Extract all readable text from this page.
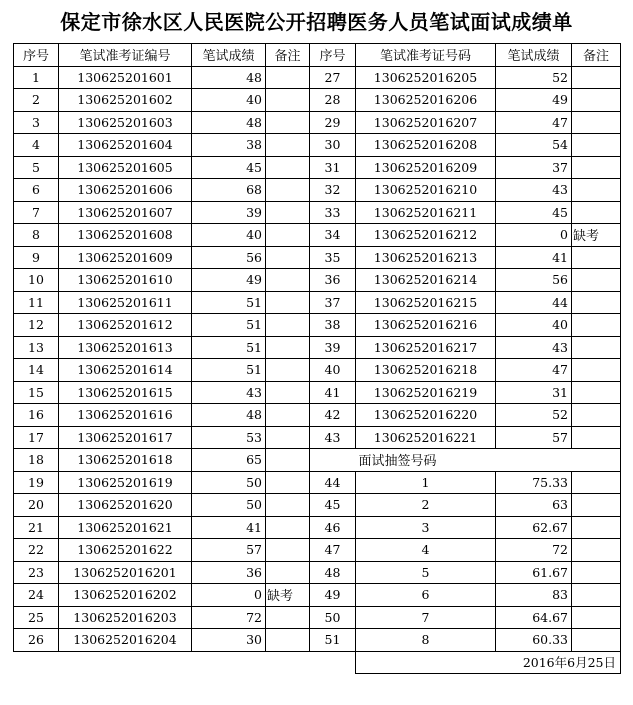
保定市徐水区人民医院公开招聘医务人员笔试面试成绩单
序号	笔试准考证编号	笔试成绩	备注	序号	笔试准考证号码	笔试成绩	备注
1	130625201601	48		27	1306252016205	52	
2	130625201602	40		28	1306252016206	49	
3	130625201603	48		29	1306252016207	47	
4	130625201604	38		30	1306252016208	54	
5	130625201605	45		31	1306252016209	37	
6	130625201606	68		32	1306252016210	43	
7	130625201607	39		33	1306252016211	45	
8	130625201608	40		34	1306252016212	0	缺考
9	130625201609	56		35	1306252016213	41	
10	130625201610	49		36	1306252016214	56	
11	130625201611	51		37	1306252016215	44	
12	130625201612	51		38	1306252016216	40	
13	130625201613	51		39	1306252016217	43	
14	130625201614	51		40	1306252016218	47	
15	130625201615	43		41	1306252016219	31	
16	130625201616	48		42	1306252016220	52	
17	130625201617	53		43	1306252016221	57	
18	130625201618	65			面试抽签号码		
19	130625201619	50		44	1	75.33	
20	130625201620	50		45	2	63	
21	130625201621	41		46	3	62.67	
22	130625201622	57		47	4	72	
23	1306252016201	36		48	5	61.67	
24	1306252016202	0	缺考	49	6	83	
25	1306252016203	72		50	7	64.67	
26	1306252016204	30		51	8	60.33	
					2016年6月25日		
